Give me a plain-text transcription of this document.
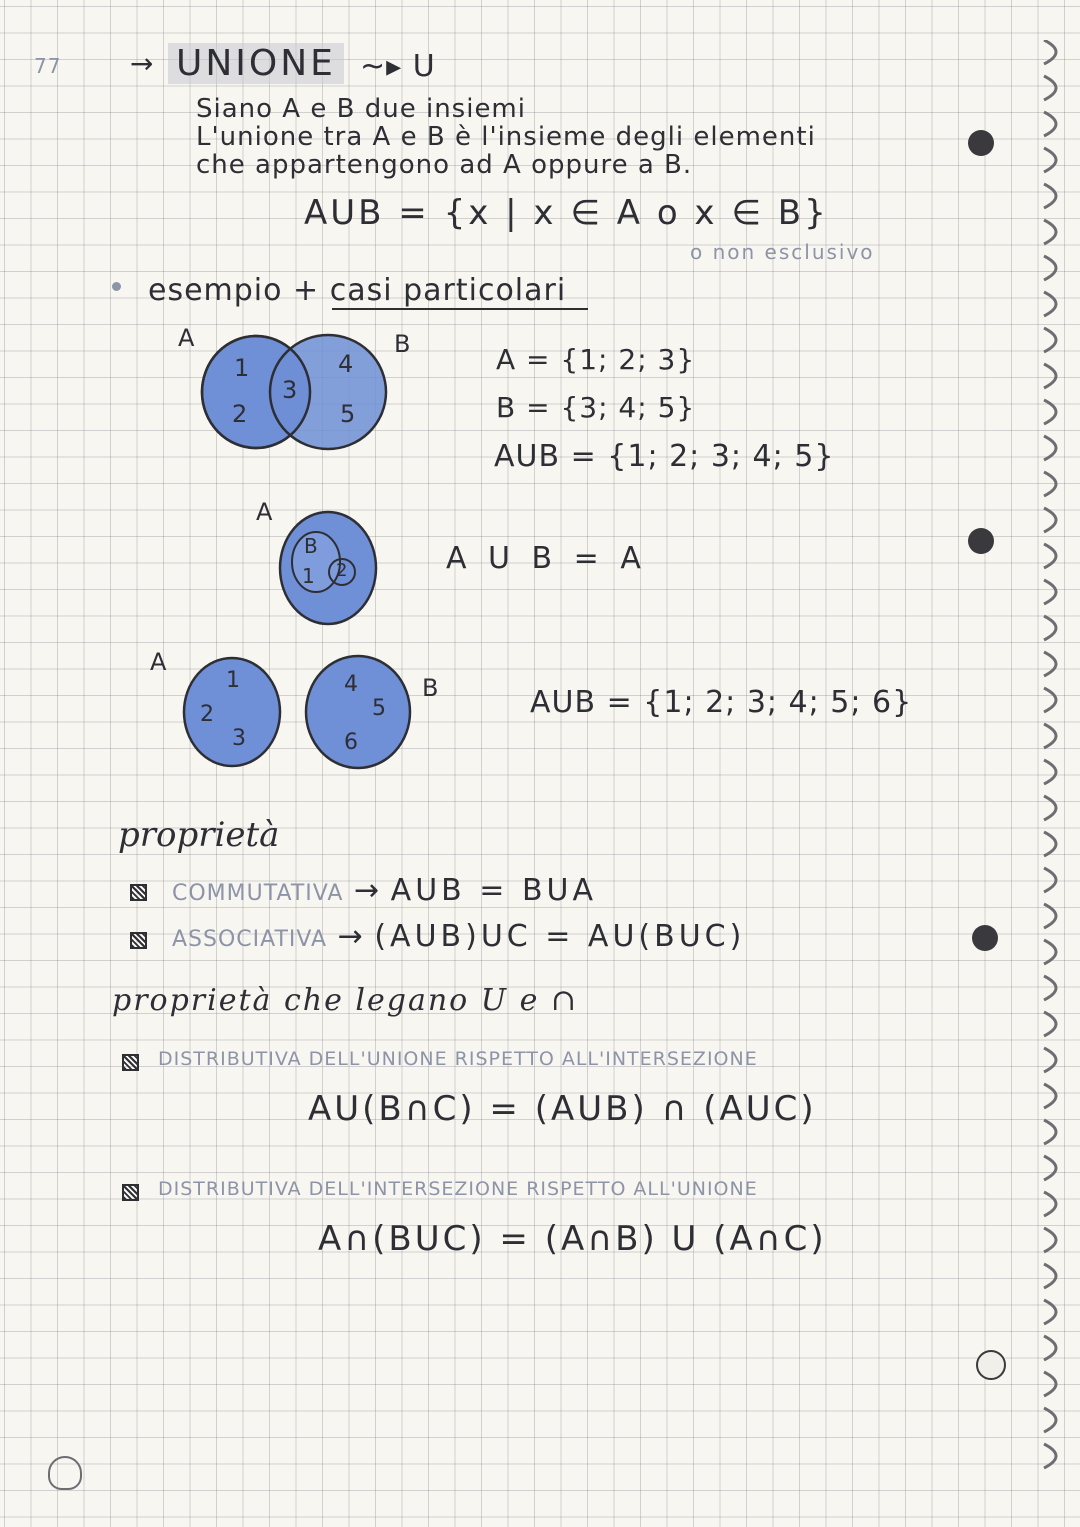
77 → UNIONE ~▸ U
Siano A e B due insiemi
L'unione tra A e B è l'insieme degli elementi
che appartengono ad A oppure a B.
AUB = {x | x ∈ A o x ∈ B}
o non esclusivo
esempio + casi particolari
A	B
1
2
3
4
5
A = {1; 2; 3}
B = {3; 4; 5}
AUB = {1; 2; 3; 4; 5}
A
B
1 2	A U B = A
A
B
1
2
3
4
5
6
AUB = {1; 2; 3; 4; 5; 6}
proprietà
COMMUTATIVA → AUB = BUA
ASSOCIATIVA → (AUB)UC = AU(BUC)
proprietà che legano U e ∩
DISTRIBUTIVA DELL'UNIONE RISPETTO ALL'INTERSEZIONE
AU(B∩C) = (AUB) ∩ (AUC)
DISTRIBUTIVA DELL'INTERSEZIONE RISPETTO ALL'UNIONE
A∩(BUC) = (A∩B) U (A∩C)
